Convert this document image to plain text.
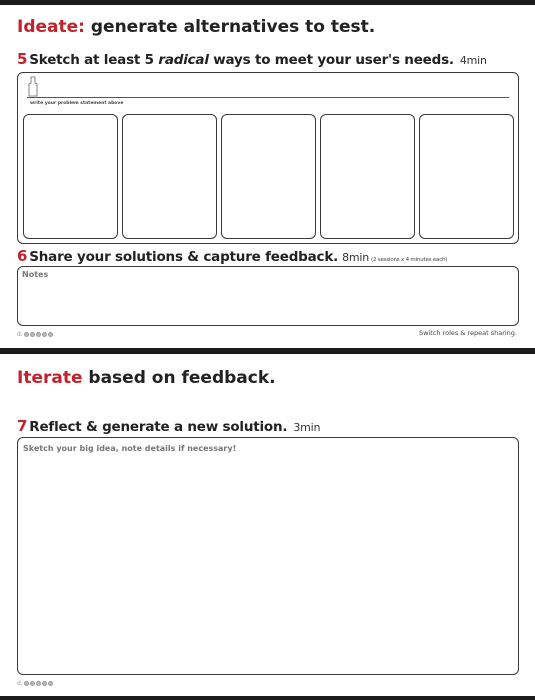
Ideate: generate alternatives to test.
5 Sketch at least 5 radical ways to meet your user's needs. 4min
write your problem statement above
6 Share your solutions & capture feedback. 8min (2 sessions x 4 minutes each)
Notes
d.	Switch roles & repeat sharing.
Iterate based on feedback.
7 Reflect & generate a new solution. 3min
Sketch your big idea, note details if necessary!
d.
